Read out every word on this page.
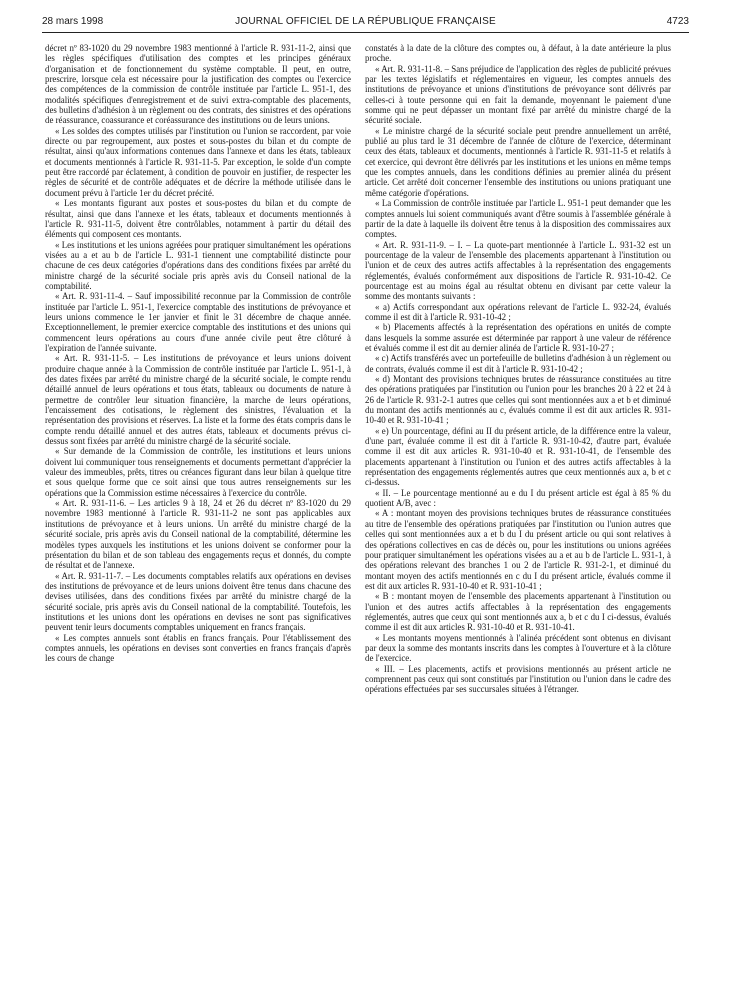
28 mars 1998	JOURNAL OFFICIEL DE LA RÉPUBLIQUE FRANÇAISE	4723

décret nº 83-1020 du 29 novembre 1983 mentionné à l'article R. 931-11-2, ainsi que les règles spécifiques d'utilisation des comptes et les principes généraux d'organisation et de fonctionnement du système comptable. Il peut, en outre, prescrire, lorsque cela est nécessaire pour la justification des comptes ou l'exercice des compétences de la commission de contrôle instituée par l'article L. 951-1, des modalités spécifiques d'enregistrement et de suivi extra-comptable des placements, des bulletins d'adhésion à un règlement ou des contrats, des sinistres et des opérations de réassurance, coassurance et coréassurance des institutions ou de leurs unions.

« Les soldes des comptes utilisés par l'institution ou l'union se raccordent, par voie directe ou par regroupement, aux postes et sous-postes du bilan et du compte de résultat, ainsi qu'aux informations contenues dans l'annexe et dans les états, tableaux et documents mentionnés à l'article R. 931-11-5. Par exception, le solde d'un compte peut être raccordé par éclatement, à condition de pouvoir en justifier, de respecter les règles de sécurité et de contrôle adéquates et de décrire la méthode utilisée dans le document prévu à l'article 1er du décret précité.

« Les montants figurant aux postes et sous-postes du bilan et du compte de résultat, ainsi que dans l'annexe et les états, tableaux et documents mentionnés à l'article R. 931-11-5, doivent être contrôlables, notamment à partir du détail des éléments qui composent ces montants.

« Les institutions et les unions agréées pour pratiquer simultanément les opérations visées au a et au b de l'article L. 931-1 tiennent une comptabilité distincte pour chacune de ces deux catégories d'opérations dans des conditions fixées par arrêté du ministre chargé de la sécurité sociale pris après avis du Conseil national de la comptabilité.

« Art. R. 931-11-4. – Sauf impossibilité reconnue par la Commission de contrôle instituée par l'article L. 951-1, l'exercice comptable des institutions de prévoyance et leurs unions commence le 1er janvier et finit le 31 décembre de chaque année. Exceptionnellement, le premier exercice comptable des institutions et des unions qui commencent leurs opérations au cours d'une année civile peut être clôturé à l'expiration de l'année suivante.

« Art. R. 931-11-5. – Les institutions de prévoyance et leurs unions doivent produire chaque année à la Commission de contrôle instituée par l'article L. 951-1, à des dates fixées par arrêté du ministre chargé de la sécurité sociale, le compte rendu détaillé annuel de leurs opérations et tous états, tableaux ou documents de nature à permettre de contrôler leur situation financière, la marche de leurs opérations, l'encaissement des cotisations, le règlement des sinistres, l'évaluation et la représentation des provisions et réserves. La liste et la forme des états compris dans le compte rendu détaillé annuel et des autres états, tableaux et documents prévus ci-dessus sont fixées par arrêté du ministre chargé de la sécurité sociale.

« Sur demande de la Commission de contrôle, les institutions et leurs unions doivent lui communiquer tous renseignements et documents permettant d'apprécier la valeur des immeubles, prêts, titres ou créances figurant dans leur bilan à quelque titre et sous quelque forme que ce soit ainsi que tous autres renseignements sur les opérations que la Commission estime nécessaires à l'exercice du contrôle.

« Art. R. 931-11-6. – Les articles 9 à 18, 24 et 26 du décret nº 83-1020 du 29 novembre 1983 mentionné à l'article R. 931-11-2 ne sont pas applicables aux institutions de prévoyance et à leurs unions. Un arrêté du ministre chargé de la sécurité sociale, pris après avis du Conseil national de la comptabilité, détermine les modèles types auxquels les institutions et les unions doivent se conformer pour la présentation du bilan et de son tableau des engagements reçus et donnés, du compte de résultat et de l'annexe.

« Art. R. 931-11-7. – Les documents comptables relatifs aux opérations en devises des institutions de prévoyance et de leurs unions doivent être tenus dans chacune des devises utilisées, dans des conditions fixées par arrêté du ministre chargé de la sécurité sociale, pris après avis du Conseil national de la comptabilité. Toutefois, les institutions et les unions dont les opérations en devises ne sont pas significatives peuvent tenir leurs documents comptables uniquement en francs français.

« Les comptes annuels sont établis en francs français. Pour l'établissement des comptes annuels, les opérations en devises sont converties en francs français d'après les cours de change

constatés à la date de la clôture des comptes ou, à défaut, à la date antérieure la plus proche.

« Art. R. 931-11-8. – Sans préjudice de l'application des règles de publicité prévues par les textes législatifs et réglementaires en vigueur, les comptes annuels des institutions de prévoyance et unions d'institutions de prévoyance sont délivrés par celles-ci à toute personne qui en fait la demande, moyennant le paiement d'une somme qui ne peut dépasser un montant fixé par arrêté du ministre chargé de la sécurité sociale.

« Le ministre chargé de la sécurité sociale peut prendre annuellement un arrêté, publié au plus tard le 31 décembre de l'année de clôture de l'exercice, déterminant ceux des états, tableaux et documents, mentionnés à l'article R. 931-11-5 et relatifs à cet exercice, qui devront être délivrés par les institutions et les unions en même temps que les comptes annuels, dans les conditions définies au premier alinéa du présent article. Cet arrêté doit concerner l'ensemble des institutions ou unions pratiquant une même catégorie d'opérations.

« La Commission de contrôle instituée par l'article L. 951-1 peut demander que les comptes annuels lui soient communiqués avant d'être soumis à l'assemblée générale à partir de la date à laquelle ils doivent être tenus à la disposition des commissaires aux comptes.

« Art. R. 931-11-9. – I. – La quote-part mentionnée à l'article L. 931-32 est un pourcentage de la valeur de l'ensemble des placements appartenant à l'institution ou l'union et de ceux des autres actifs affectables à la représentation des engagements réglementés, évalués conformément aux dispositions de l'article R. 931-10-42. Ce pourcentage est au moins égal au résultat obtenu en divisant par cette valeur la somme des montants suivants :

« a) Actifs correspondant aux opérations relevant de l'article L. 932-24, évalués comme il est dit à l'article R. 931-10-42 ;

« b) Placements affectés à la représentation des opérations en unités de compte dans lesquels la somme assurée est déterminée par rapport à une valeur de référence et évalués comme il est dit au dernier alinéa de l'article R. 931-10-27 ;

« c) Actifs transférés avec un portefeuille de bulletins d'adhésion à un règlement ou de contrats, évalués comme il est dit à l'article R. 931-10-42 ;

« d) Montant des provisions techniques brutes de réassurance constituées au titre des opérations pratiquées par l'institution ou l'union pour les branches 20 à 22 et 24 à 26 de l'article R. 931-2-1 autres que celles qui sont mentionnées aux a et b et diminué du montant des actifs mentionnés au c, évalués comme il est dit aux articles R. 931-10-40 et R. 931-10-41 ;

« e) Un pourcentage, défini au II du présent article, de la différence entre la valeur, d'une part, évaluée comme il est dit à l'article R. 931-10-42, d'autre part, évaluée comme il est dit aux articles R. 931-10-40 et R. 931-10-41, de l'ensemble des placements appartenant à l'institution ou l'union et des autres actifs affectables à la représentation des engagements réglementés autres que ceux mentionnés aux a, b et c ci-dessus.

« II. – Le pourcentage mentionné au e du I du présent article est égal à 85 % du quotient A/B, avec :

« A : montant moyen des provisions techniques brutes de réassurance constituées au titre de l'ensemble des opérations pratiquées par l'institution ou l'union autres que celles qui sont mentionnées aux a et b du I du présent article ou qui sont relatives à des opérations collectives en cas de décès ou, pour les institutions ou unions agréées pour pratiquer simultanément les opérations visées au a et au b de l'article L. 931-1, à des opérations relevant des branches 1 ou 2 de l'article R. 931-2-1, et diminué du montant moyen des actifs mentionnés en c du I du présent article, évalués comme il est dit aux articles R. 931-10-40 et R. 931-10-41 ;

« B : montant moyen de l'ensemble des placements appartenant à l'institution ou l'union et des autres actifs affectables à la représentation des engagements réglementés, autres que ceux qui sont mentionnés aux a, b et c du I ci-dessus, évalués comme il est dit aux articles R. 931-10-40 et R. 931-10-41.

« Les montants moyens mentionnés à l'alinéa précédent sont obtenus en divisant par deux la somme des montants inscrits dans les comptes à l'ouverture et à la clôture de l'exercice.

« III. – Les placements, actifs et provisions mentionnés au présent article ne comprennent pas ceux qui sont constitués par l'institution ou l'union dans le cadre des opérations effectuées par ses succursales situées à l'étranger.
